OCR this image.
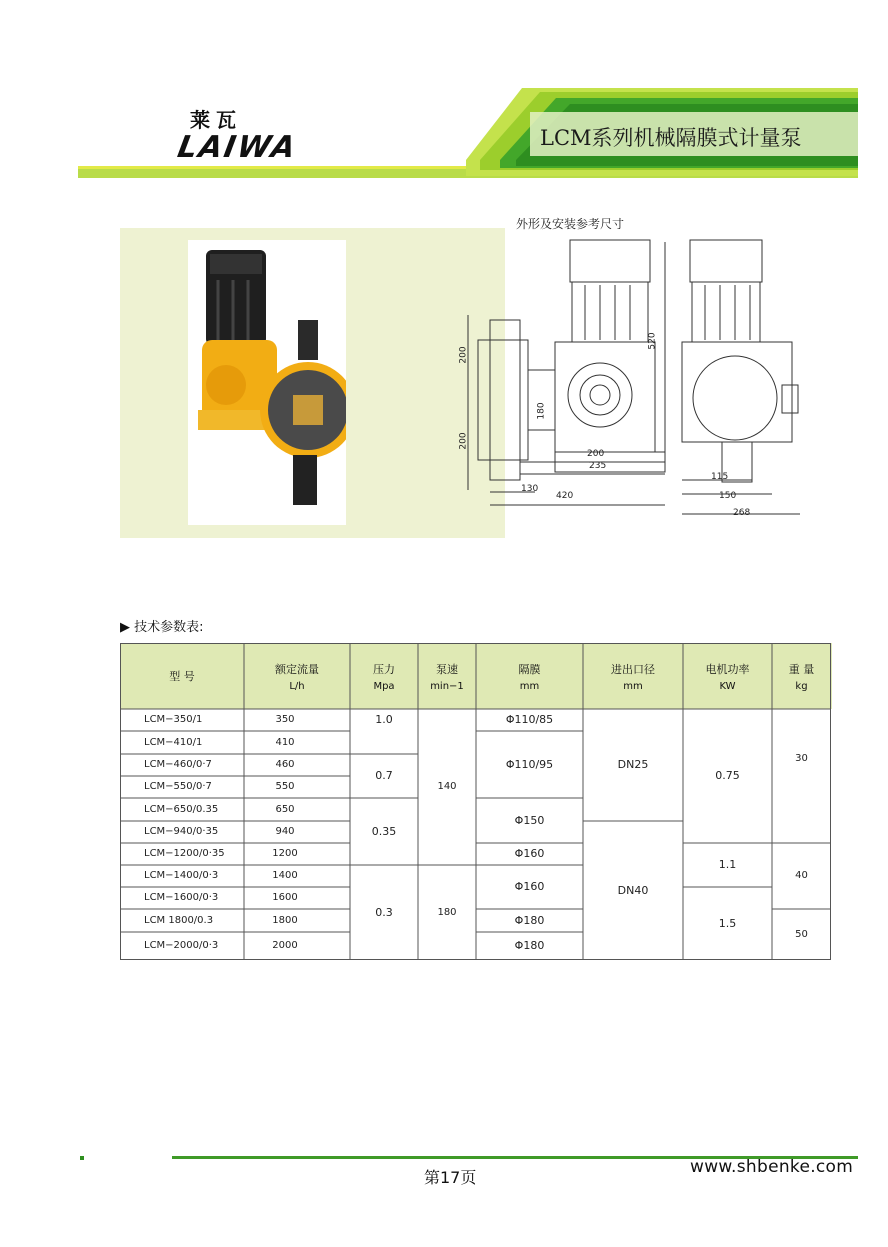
莱瓦
LAIWA	LCM系列机械隔膜式计量泵
外形及安装参考尺寸
200
200
520
180
200
235
130
420
115
150
268
▶ 技术参数表:
型 号
额定流量
L/h
压力
Mpa
泵速
min−1
隔膜
mm
进出口径
mm
电机功率
KW
重 量
kg
LCM−350/1
LCM−410/1
LCM−460/0·7
LCM−550/0·7
LCM−650/0.35
LCM−940/0·35
LCM−1200/0·35
LCM−1400/0·3
LCM−1600/0·3
LCM 1800/0.3
LCM−2000/0·3
350
410
460
550
650
940
1200
1400
1600
1800
2000
1.0
0.7
0.35
0.3
140
180
Φ110/85
Φ110/95
Φ150
Φ160
Φ160
Φ180
Φ180
DN25
DN40
0.75
1.1
1.5
30
40
50
第17页
www.shbenke.com
